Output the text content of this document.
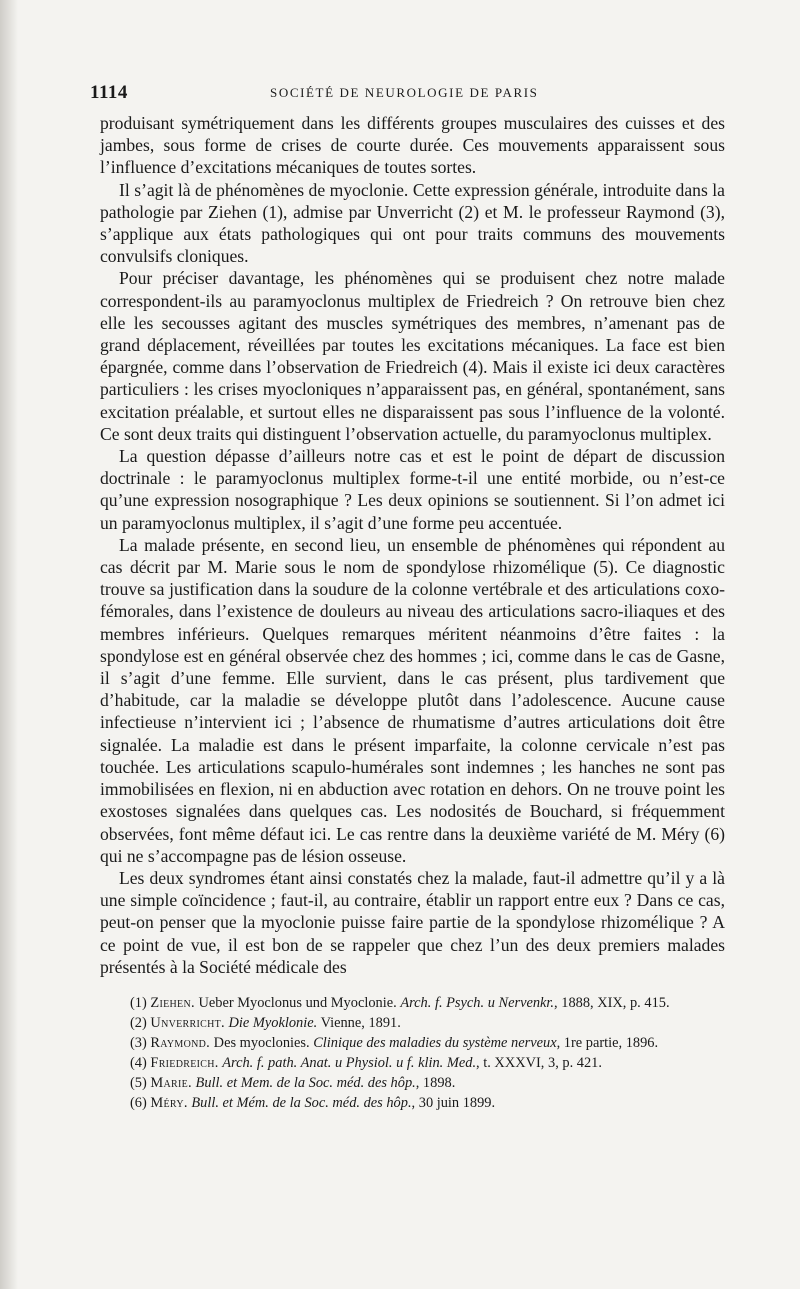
1114	SOCIÉTÉ DE NEUROLOGIE DE PARIS

produisant symétriquement dans les différents groupes musculaires des cuisses et des jambes, sous forme de crises de courte durée. Ces mouvements apparaissent sous l’influence d’excitations mécaniques de toutes sortes.

Il s’agit là de phénomènes de myoclonie. Cette expression générale, introduite dans la pathologie par Ziehen (1), admise par Unverricht (2) et M. le professeur Raymond (3), s’applique aux états pathologiques qui ont pour traits communs des mouvements convulsifs cloniques.

Pour préciser davantage, les phénomènes qui se produisent chez notre malade correspondent-ils au paramyoclonus multiplex de Friedreich ? On retrouve bien chez elle les secousses agitant des muscles symétriques des membres, n’amenant pas de grand déplacement, réveillées par toutes les excitations mécaniques. La face est bien épargnée, comme dans l’observation de Friedreich (4). Mais il existe ici deux caractères particuliers : les crises myocloniques n’apparaissent pas, en général, spontanément, sans excitation préalable, et surtout elles ne disparaissent pas sous l’influence de la volonté. Ce sont deux traits qui distinguent l’observation actuelle, du paramyoclonus multiplex.

La question dépasse d’ailleurs notre cas et est le point de départ de discussion doctrinale : le paramyoclonus multiplex forme-t-il une entité morbide, ou n’est-ce qu’une expression nosographique ? Les deux opinions se soutiennent. Si l’on admet ici un paramyoclonus multiplex, il s’agit d’une forme peu accentuée.

La malade présente, en second lieu, un ensemble de phénomènes qui répondent au cas décrit par M. Marie sous le nom de spondylose rhizomélique (5). Ce diagnostic trouve sa justification dans la soudure de la colonne vertébrale et des articulations coxo-fémorales, dans l’existence de douleurs au niveau des articulations sacro-iliaques et des membres inférieurs. Quelques remarques méritent néanmoins d’être faites : la spondylose est en général observée chez des hommes ; ici, comme dans le cas de Gasne, il s’agit d’une femme. Elle survient, dans le cas présent, plus tardivement que d’habitude, car la maladie se développe plutôt dans l’adolescence. Aucune cause infectieuse n’intervient ici ; l’absence de rhumatisme d’autres articulations doit être signalée. La maladie est dans le présent imparfaite, la colonne cervicale n’est pas touchée. Les articulations scapulo-humérales sont indemnes ; les hanches ne sont pas immobilisées en flexion, ni en abduction avec rotation en dehors. On ne trouve point les exostoses signalées dans quelques cas. Les nodosités de Bouchard, si fréquemment observées, font même défaut ici. Le cas rentre dans la deuxième variété de M. Méry (6) qui ne s’accompagne pas de lésion osseuse.

Les deux syndromes étant ainsi constatés chez la malade, faut-il admettre qu’il y a là une simple coïncidence ; faut-il, au contraire, établir un rapport entre eux ? Dans ce cas, peut-on penser que la myoclonie puisse faire partie de la spondylose rhizomélique ? A ce point de vue, il est bon de se rappeler que chez l’un des deux premiers malades présentés à la Société médicale des

(1) Ziehen. Ueber Myoclonus und Myoclonie. Arch. f. Psych. u Nervenkr., 1888, XIX, p. 415.

(2) Unverricht. Die Myoklonie. Vienne, 1891.

(3) Raymond. Des myoclonies. Clinique des maladies du système nerveux, 1re partie, 1896.

(4) Friedreich. Arch. f. path. Anat. u Physiol. u f. klin. Med., t. XXXVI, 3, p. 421.

(5) Marie. Bull. et Mem. de la Soc. méd. des hôp., 1898.

(6) Méry. Bull. et Mém. de la Soc. méd. des hôp., 30 juin 1899.
